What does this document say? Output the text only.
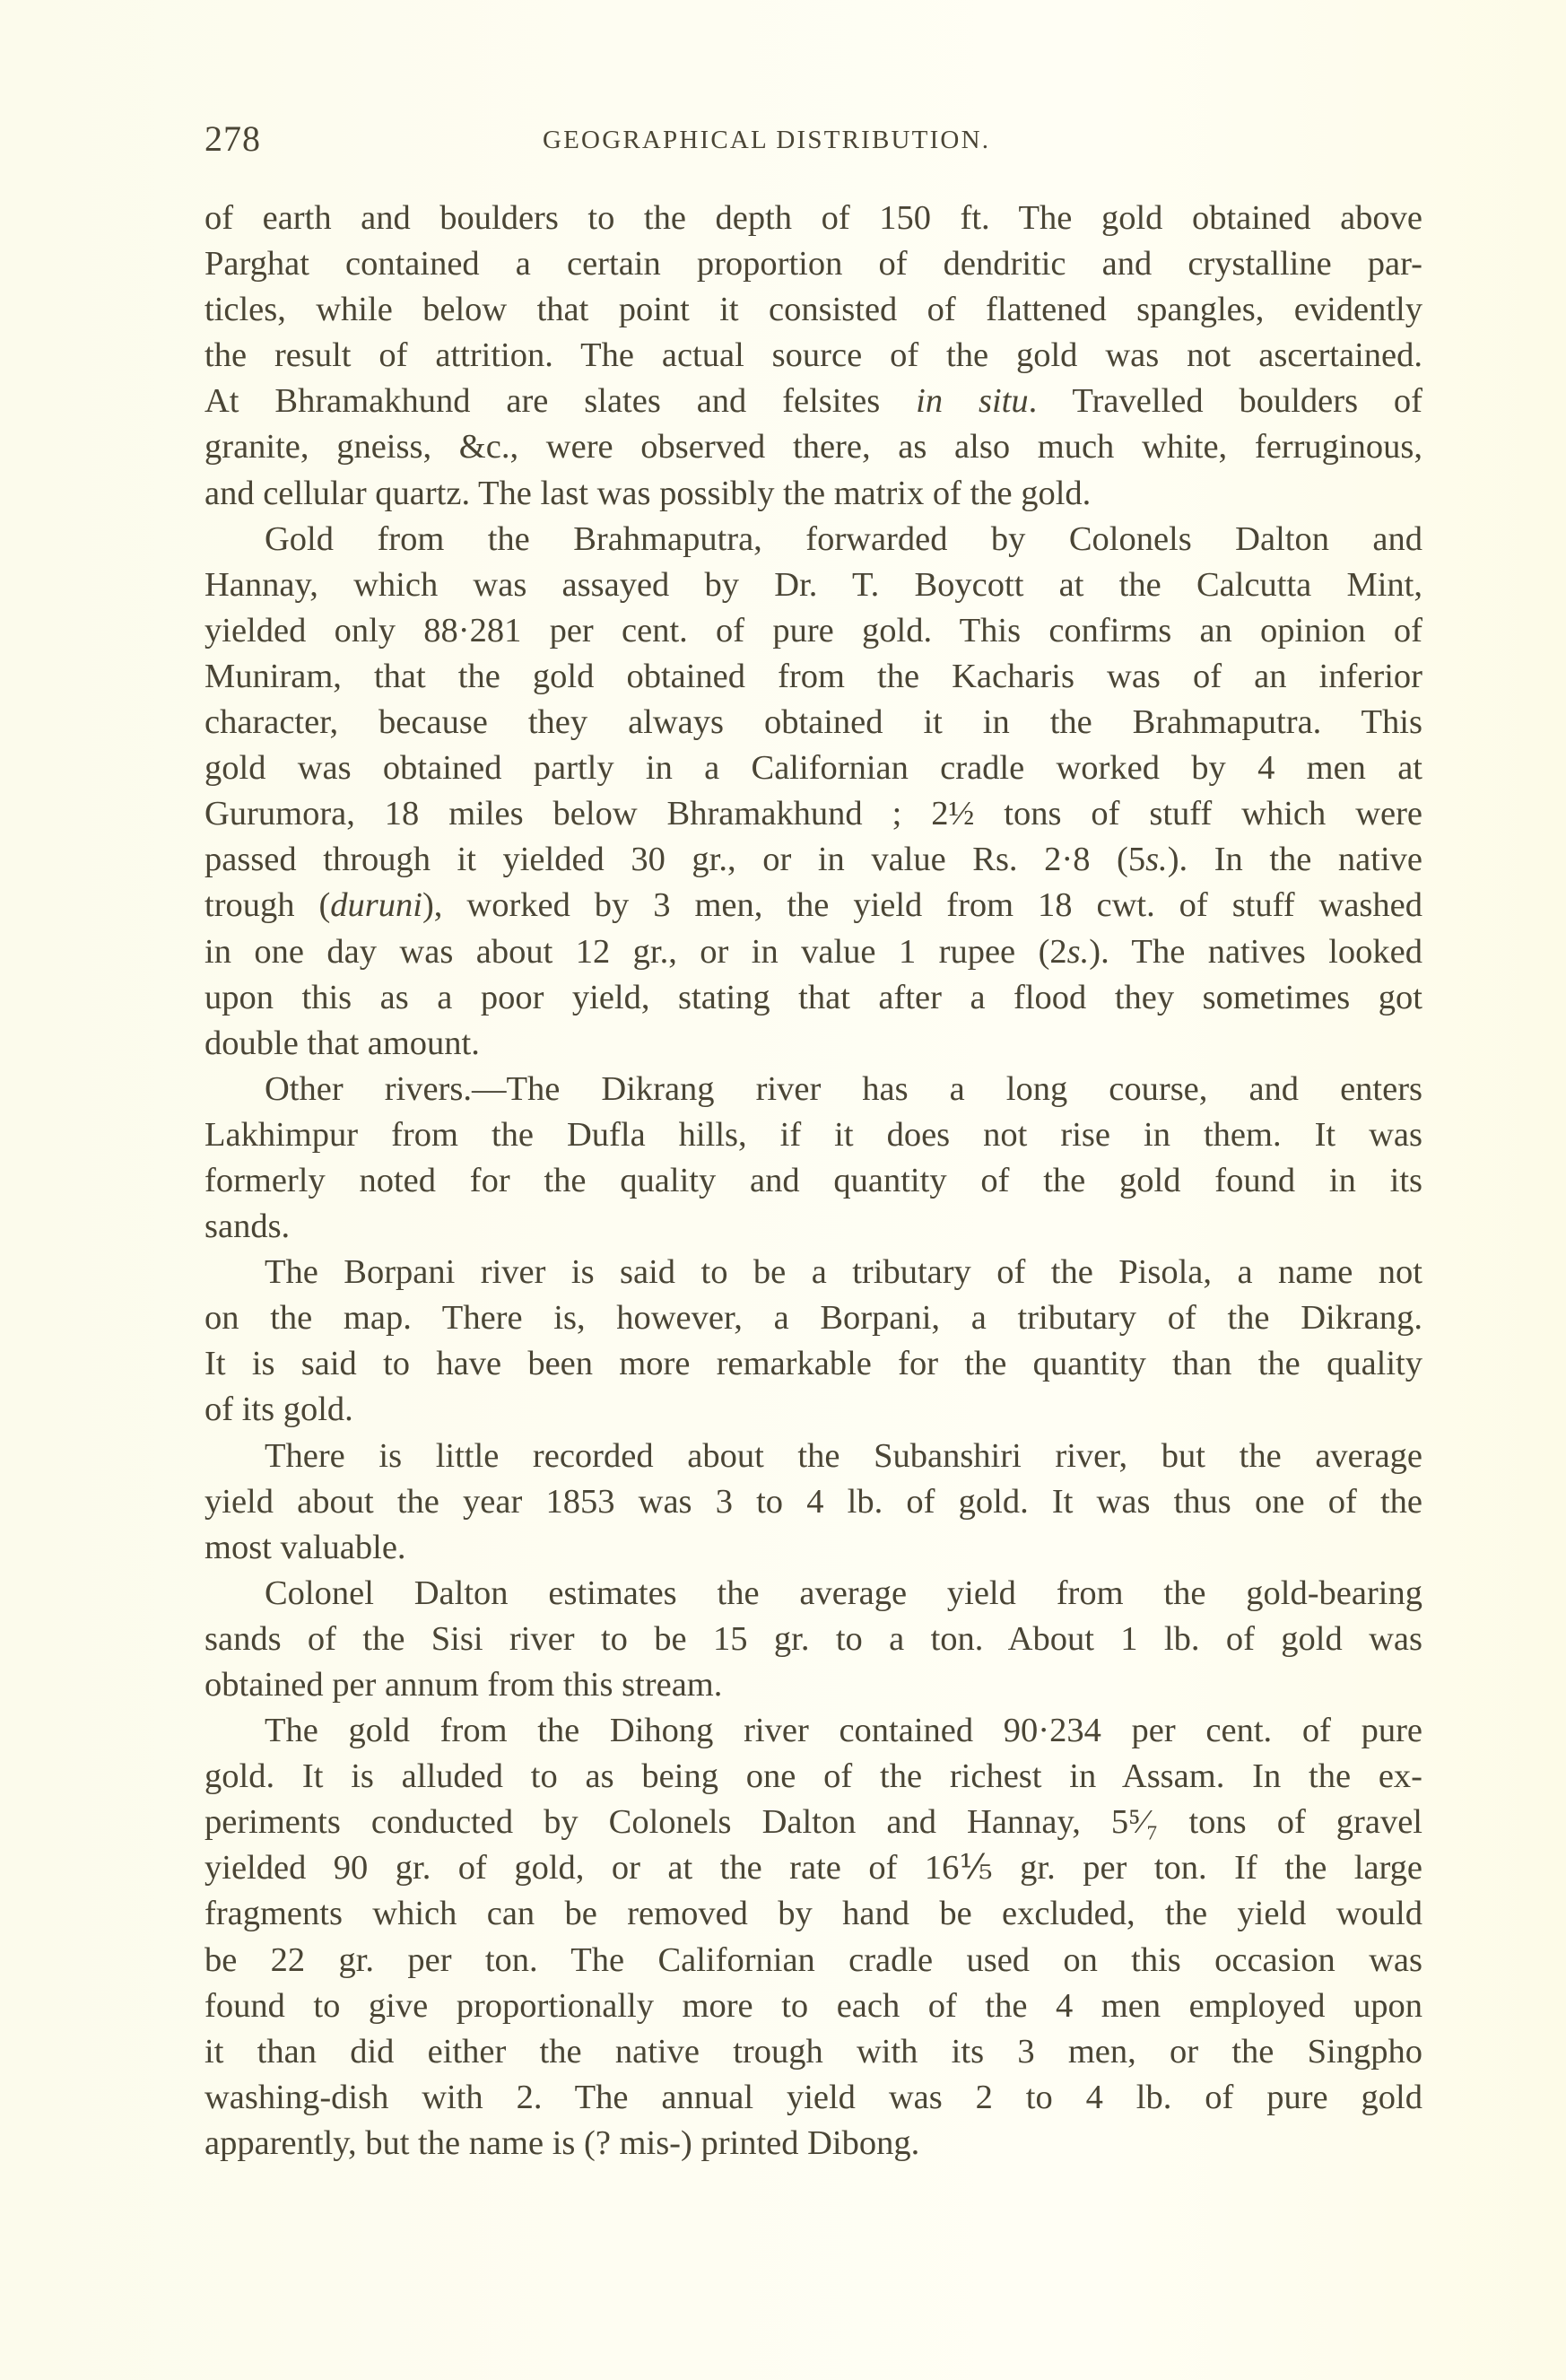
278	GEOGRAPHICAL DISTRIBUTION.
of earth and boulders to the depth of 150 ft. The gold obtained above
Parghat contained a certain proportion of dendritic and crystalline par-
ticles, while below that point it consisted of flattened spangles, evidently
the result of attrition. The actual source of the gold was not ascertained.
At Bhramakhund are slates and felsites in situ. Travelled boulders of
granite, gneiss, &c., were observed there, as also much white, ferruginous,
and cellular quartz. The last was possibly the matrix of the gold.
Gold from the Brahmaputra, forwarded by Colonels Dalton and
Hannay, which was assayed by Dr. T. Boycott at the Calcutta Mint,
yielded only 88·281 per cent. of pure gold. This confirms an opinion of
Muniram, that the gold obtained from the Kacharis was of an inferior
character, because they always obtained it in the Brahmaputra. This
gold was obtained partly in a Californian cradle worked by 4 men at
Gurumora, 18 miles below Bhramakhund ; 2½ tons of stuff which were
passed through it yielded 30 gr., or in value Rs. 2·8 (5s.). In the native
trough (duruni), worked by 3 men, the yield from 18 cwt. of stuff washed
in one day was about 12 gr., or in value 1 rupee (2s.). The natives looked
upon this as a poor yield, stating that after a flood they sometimes got
double that amount.
Other rivers.—The Dikrang river has a long course, and enters
Lakhimpur from the Dufla hills, if it does not rise in them. It was
formerly noted for the quality and quantity of the gold found in its
sands.
The Borpani river is said to be a tributary of the Pisola, a name not
on the map. There is, however, a Borpani, a tributary of the Dikrang.
It is said to have been more remarkable for the quantity than the quality
of its gold.
There is little recorded about the Subanshiri river, but the average
yield about the year 1853 was 3 to 4 lb. of gold. It was thus one of the
most valuable.
Colonel Dalton estimates the average yield from the gold-bearing
sands of the Sisi river to be 15 gr. to a ton. About 1 lb. of gold was
obtained per annum from this stream.
The gold from the Dihong river contained 90·234 per cent. of pure
gold. It is alluded to as being one of the richest in Assam. In the ex-
periments conducted by Colonels Dalton and Hannay, 5⁵⁄₇ tons of gravel
yielded 90 gr. of gold, or at the rate of 16⅕ gr. per ton. If the large
fragments which can be removed by hand be excluded, the yield would
be 22 gr. per ton. The Californian cradle used on this occasion was
found to give proportionally more to each of the 4 men employed upon
it than did either the native trough with its 3 men, or the Singpho
washing-dish with 2. The annual yield was 2 to 4 lb. of pure gold
apparently, but the name is (? mis-) printed Dibong.
